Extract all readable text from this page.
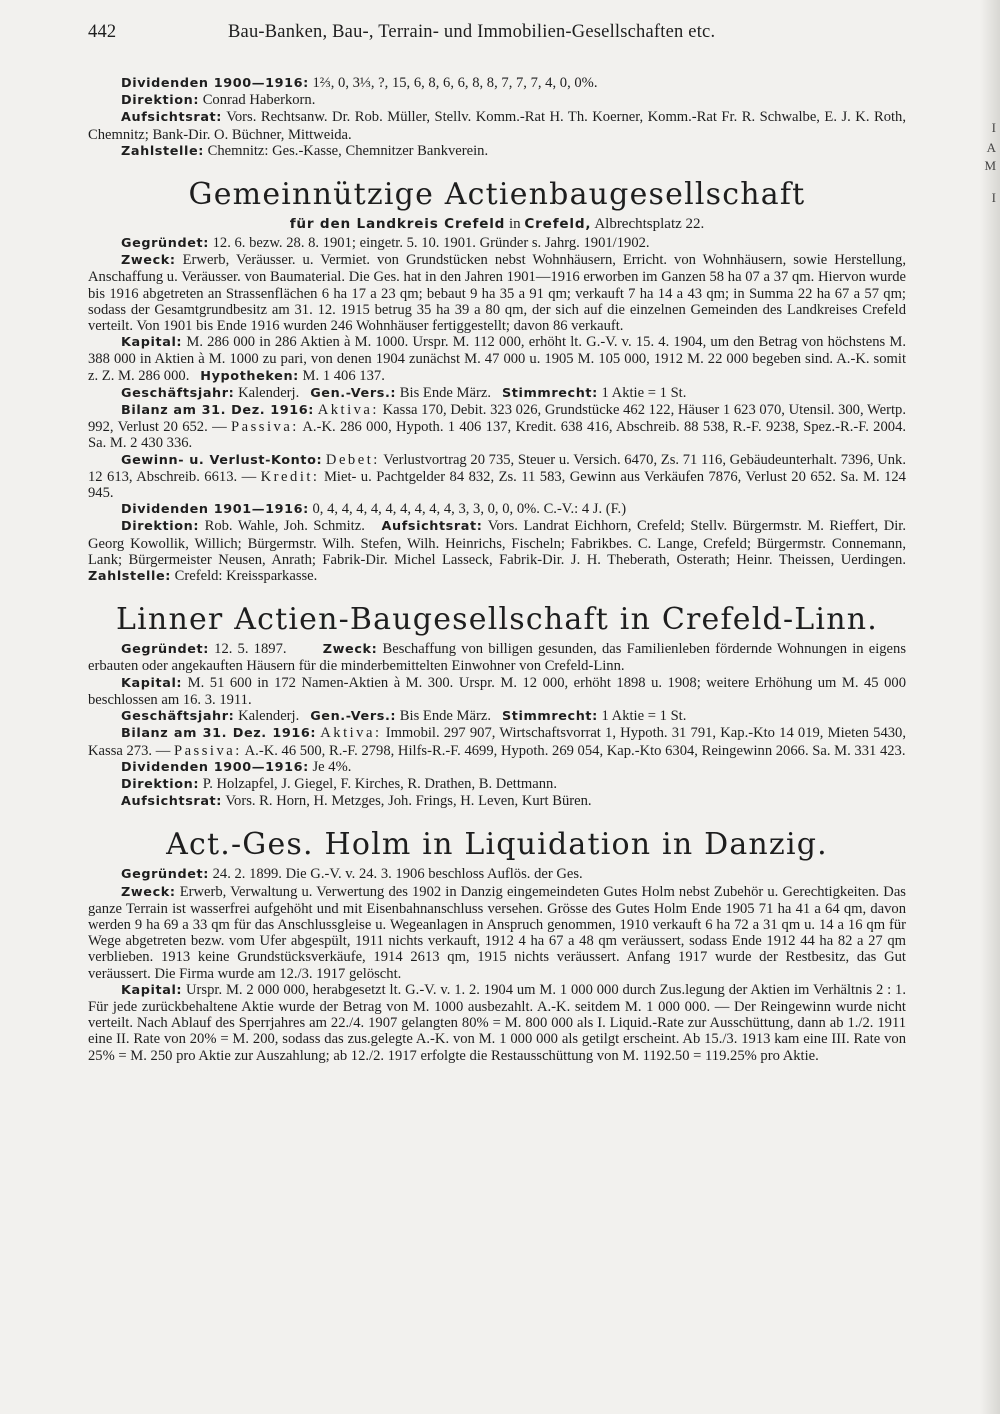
I
A
M
I
442	Bau-Banken, Bau-, Terrain- und Immobilien-Gesellschaften etc.

Dividenden 1900—1916: 1⅔, 0, 3⅓, ?, 15, 6, 8, 6, 6, 8, 8, 7, 7, 7, 4, 0, 0%.

Direktion: Conrad Haberkorn.

Aufsichtsrat: Vors. Rechtsanw. Dr. Rob. Müller, Stellv. Komm.-Rat H. Th. Koerner, Komm.-Rat Fr. R. Schwalbe, E. J. K. Roth, Chemnitz; Bank-Dir. O. Büchner, Mittweida.

Zahlstelle: Chemnitz: Ges.-Kasse, Chemnitzer Bankverein.

Gemeinnützige Actienbaugesellschaft
für den Landkreis Crefeld in Crefeld, Albrechtsplatz 22.

Gegründet: 12. 6. bezw. 28. 8. 1901; eingetr. 5. 10. 1901. Gründer s. Jahrg. 1901/1902.

Zweck: Erwerb, Veräusser. u. Vermiet. von Grundstücken nebst Wohnhäusern, Erricht. von Wohnhäusern, sowie Herstellung, Anschaffung u. Veräusser. von Baumaterial. Die Ges. hat in den Jahren 1901—1916 erworben im Ganzen 58 ha 07 a 37 qm. Hiervon wurde bis 1916 abgetreten an Strassenflächen 6 ha 17 a 23 qm; bebaut 9 ha 35 a 91 qm; verkauft 7 ha 14 a 43 qm; in Summa 22 ha 67 a 57 qm; sodass der Gesamtgrundbesitz am 31. 12. 1915 betrug 35 ha 39 a 80 qm, der sich auf die einzelnen Gemeinden des Landkreises Crefeld verteilt. Von 1901 bis Ende 1916 wurden 246 Wohnhäuser fertiggestellt; davon 86 verkauft.

Kapital: M. 286 000 in 286 Aktien à M. 1000. Urspr. M. 112 000, erhöht lt. G.-V. v. 15. 4. 1904, um den Betrag von höchstens M. 388 000 in Aktien à M. 1000 zu pari, von denen 1904 zunächst M. 47 000 u. 1905 M. 105 000, 1912 M. 22 000 begeben sind. A.-K. somit z. Z. M. 286 000. Hypotheken: M. 1 406 137.

Geschäftsjahr: Kalenderj. Gen.-Vers.: Bis Ende März. Stimmrecht: 1 Aktie = 1 St.

Bilanz am 31. Dez. 1916: Aktiva: Kassa 170, Debit. 323 026, Grundstücke 462 122, Häuser 1 623 070, Utensil. 300, Wertp. 992, Verlust 20 652. — Passiva: A.-K. 286 000, Hypoth. 1 406 137, Kredit. 638 416, Abschreib. 88 538, R.-F. 9238, Spez.-R.-F. 2004. Sa. M. 2 430 336.

Gewinn- u. Verlust-Konto: Debet: Verlustvortrag 20 735, Steuer u. Versich. 6470, Zs. 71 116, Gebäudeunterhalt. 7396, Unk. 12 613, Abschreib. 6613. — Kredit: Miet- u. Pachtgelder 84 832, Zs. 11 583, Gewinn aus Verkäufen 7876, Verlust 20 652. Sa. M. 124 945.

Dividenden 1901—1916: 0, 4, 4, 4, 4, 4, 4, 4, 4, 4, 3, 3, 0, 0, 0%. C.-V.: 4 J. (F.)

Direktion: Rob. Wahle, Joh. Schmitz. Aufsichtsrat: Vors. Landrat Eichhorn, Crefeld; Stellv. Bürgermstr. M. Rieffert, Dir. Georg Kowollik, Willich; Bürgermstr. Wilh. Stefen, Wilh. Heinrichs, Fischeln; Fabrikbes. C. Lange, Crefeld; Bürgermstr. Connemann, Lank; Bürgermeister Neusen, Anrath; Fabrik-Dir. Michel Lasseck, Fabrik-Dir. J. H. Theberath, Osterath; Heinr. Theissen, Uerdingen. Zahlstelle: Crefeld: Kreissparkasse.

Linner Actien-Baugesellschaft in Crefeld-Linn.

Gegründet: 12. 5. 1897.	Zweck: Beschaffung von billigen gesunden, das Familienleben fördernde Wohnungen in eigens erbauten oder angekauften Häusern für die minderbemittelten Einwohner von Crefeld-Linn.

Kapital: M. 51 600 in 172 Namen-Aktien à M. 300. Urspr. M. 12 000, erhöht 1898 u. 1908; weitere Erhöhung um M. 45 000 beschlossen am 16. 3. 1911.

Geschäftsjahr: Kalenderj. Gen.-Vers.: Bis Ende März. Stimmrecht: 1 Aktie = 1 St.

Bilanz am 31. Dez. 1916: Aktiva: Immobil. 297 907, Wirtschaftsvorrat 1, Hypoth. 31 791, Kap.-Kto 14 019, Mieten 5430, Kassa 273. — Passiva: A.-K. 46 500, R.-F. 2798, Hilfs-R.-F. 4699, Hypoth. 269 054, Kap.-Kto 6304, Reingewinn 2066. Sa. M. 331 423.

Dividenden 1900—1916: Je 4%.

Direktion: P. Holzapfel, J. Giegel, F. Kirches, R. Drathen, B. Dettmann.

Aufsichtsrat: Vors. R. Horn, H. Metzges, Joh. Frings, H. Leven, Kurt Büren.

Act.-Ges. Holm in Liquidation in Danzig.

Gegründet: 24. 2. 1899. Die G.-V. v. 24. 3. 1906 beschloss Auflös. der Ges.

Zweck: Erwerb, Verwaltung u. Verwertung des 1902 in Danzig eingemeindeten Gutes Holm nebst Zubehör u. Gerechtigkeiten. Das ganze Terrain ist wasserfrei aufgehöht und mit Eisenbahnanschluss versehen. Grösse des Gutes Holm Ende 1905 71 ha 41 a 64 qm, davon werden 9 ha 69 a 33 qm für das Anschlussgleise u. Wegeanlagen in Anspruch genommen, 1910 verkauft 6 ha 72 a 31 qm u. 14 a 16 qm für Wege abgetreten bezw. vom Ufer abgespült, 1911 nichts verkauft, 1912 4 ha 67 a 48 qm veräussert, sodass Ende 1912 44 ha 82 a 27 qm verblieben. 1913 keine Grundstücksverkäufe, 1914 2613 qm, 1915 nichts veräussert. Anfang 1917 wurde der Restbesitz, das Gut veräussert. Die Firma wurde am 12./3. 1917 gelöscht.

Kapital: Urspr. M. 2 000 000, herabgesetzt lt. G.-V. v. 1. 2. 1904 um M. 1 000 000 durch Zus.legung der Aktien im Verhältnis 2 : 1. Für jede zurückbehaltene Aktie wurde der Betrag von M. 1000 ausbezahlt. A.-K. seitdem M. 1 000 000. — Der Reingewinn wurde nicht verteilt. Nach Ablauf des Sperrjahres am 22./4. 1907 gelangten 80% = M. 800 000 als I. Liquid.-Rate zur Ausschüttung, dann ab 1./2. 1911 eine II. Rate von 20% = M. 200, sodass das zus.gelegte A.-K. von M. 1 000 000 als getilgt erscheint. Ab 15./3. 1913 kam eine III. Rate von 25% = M. 250 pro Aktie zur Auszahlung; ab 12./2. 1917 erfolgte die Restausschüttung von M. 1192.50 = 119.25% pro Aktie.
